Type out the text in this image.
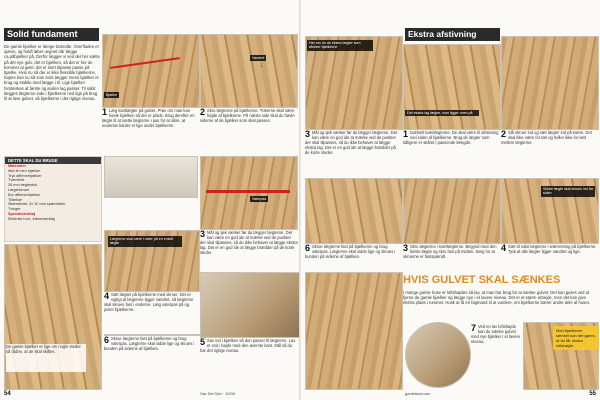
Solid fundament

De gamle bjælker er længe brændte. Overfladen er ujævn, og holdt løber uegnet når lægge ca.påbjælker på. Derfor lægger vi ved det her sætte på det nye gulv, det er bjælken, så det er her de kommer at gøre; det er stort tilpasse passe på bjælke. Hvis nu så der er ikke fleksible bjælkerne, højere kan nu så som stort lægger mens bjælker er brug og stabile med lægge i til. Lige bjælker forstærkes af første og anden lag passer. Til sidst lægges lægterne inde i bjælkerne ned lige på brug til at lave gulvet, så bjælkerne i det rigtige niveau.

Bjælke
1 Læg kantlægter på gulvet. Prøv om man kan høvle bjælken så der er plads. Brug derefter en lægte til at sætte lægterne i pas for at sikre, at nederste kanter er lige under bjælkerne.

Vandret
↓
2 Skru lægterne på bjælkerne. Træerne skal være højde af bjælkerne. På næste side skal du høvle siderne af de bjælker som skal passes.

DETTE SKAL DU BRUGE

Materialer

Alfa til men bjælker

Tryk affirmerbjælker

Tværrtrist

28 mm lægtestok

Lægteskruer

Bor affirmerbjælker

Tilbehør:

Skærebræt, 2x 10 mm spærekiiler

Tvinger

Specialværktøj

Elektrisk hovl, fræseværktøj

Vaterpas

De gamle bjælker er lige om nogle steder så rådne, at de skal skiftes.

Lægterne skal være i vater på en enkelt lægte
4 Sæt lægter på bjælkerne med skruer. Det er vigtigt at lægterne ligger vandret, så lægterne skal skrues fast i enderne. Læg vaterpas på og juster bjælkerne.

3 Mål og tjek værket før du lægger lægterne. Det kan være en god ide at mærke ved de punkter der skal tilpasses, så du ikke behøver at lægge ekstra lag. Det er en god ide at lægge brædder på de korte steder.

5 Sav ind i bjælken så den passer til lægterne. Lav et snit i højde med den øverste kant. Mål så du har det rigtige niveau.

6 Skrue lægterne fast på bjælkerne og brug vaterpas. Lægterne skal sidde lige og skrues i bunden på siderne af bjælken.

54	Gør Det Selv · 10/08
Ekstra afstivning
Her ser du de ekstra lægter som afstiver bjælkerne
Det ekstra lag lægter, som ligger oven på
1 Dobbelt tværlægterne. De skal være til afstivning ved siden af bjælkerne. Brug de lægter som tidligere er skåret i passende længde.

2 Slå skruer ind og sæt lægter ind på tværs. Det skal ikke være for tæt og heller ikke for løst mellem lægterne.

3 Mål og tjek værket før du lægger lægterne. Det kan være en god ide at mærke ved de punkter der skal tilpasses, så du ikke behøver at lægge ekstra lag. Det er en god ide at lægge brædder på de korte steder.

Sidste lægte skal skrues ind fra siden
3 Skru lægterne i tværlægterne. Begynd med den første lægte og skru fast på midten. Sørg for at skruerne er fastspændt.

4 Sæt til sidst lægterne i tværretning på bjælkerne. Tjek at alle lægter ligger vandret og lige.

6 Skrue lægterne fast på bjælkerne og brug vaterpas. Lægterne skal sidde lige og skrues i bunden på siderne af bjælken.

HVIS GULVET SKAL SÆNKES

I mange gamle huse er loftshøjden så lav, at man har brug for at sænke gulvet. Det kan gøres ved at fjerne de gamle bjælker og lægge nye i et lavere niveau. Det er et større arbejde, men det kan give ekstra plads i rummet. Husk at få en fagmand til at vurdere, om bjælkerne bærer andre dele af huset.

7 Ved en lav loftshøjde kan du sænke gulvet med nye bjælker i et lavere niveau.

Med bjælkerne sænket kan det gøres, at du får ekstra loftshøjde.
gordetselv.com	55
